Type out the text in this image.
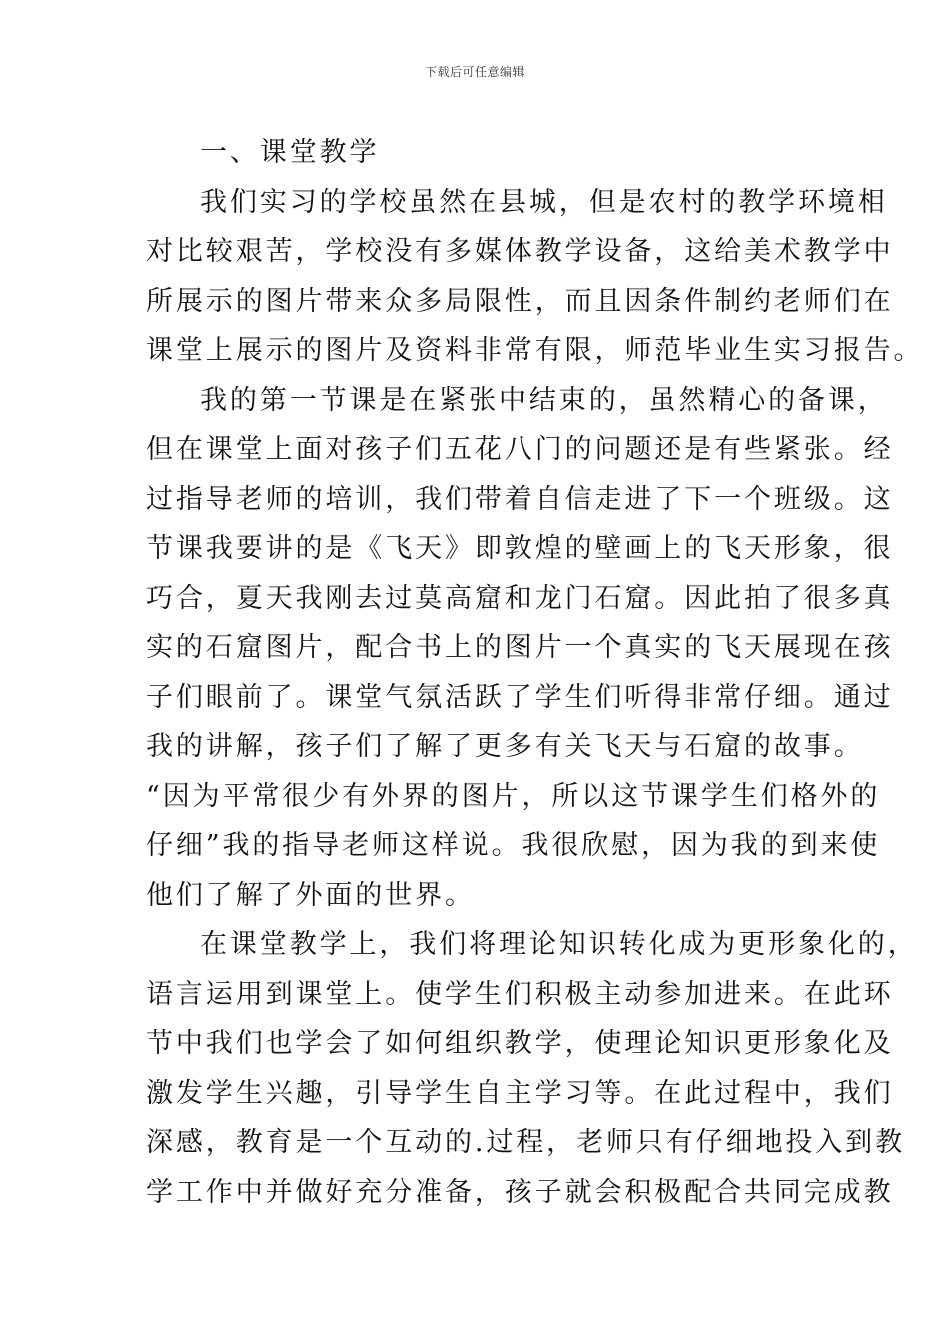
下载后可任意编辑
一、课堂教学
我们实习的学校虽然在县城，但是农村的教学环境相
对比较艰苦，学校没有多媒体教学设备，这给美术教学中
所展示的图片带来众多局限性，而且因条件制约老师们在
课堂上展示的图片及资料非常有限，师范毕业生实习报告。
我的第一节课是在紧张中结束的，虽然精心的备课，
但在课堂上面对孩子们五花八门的问题还是有些紧张。经
过指导老师的培训，我们带着自信走进了下一个班级。这
节课我要讲的是《飞天》即敦煌的壁画上的飞天形象，很
巧合，夏天我刚去过莫高窟和龙门石窟。因此拍了很多真
实的石窟图片，配合书上的图片一个真实的飞天展现在孩
子们眼前了。课堂气氛活跃了学生们听得非常仔细。通过
我的讲解，孩子们了解了更多有关飞天与石窟的故事。
“因为平常很少有外界的图片，所以这节课学生们格外的
仔细”我的指导老师这样说。我很欣慰，因为我的到来使
他们了解了外面的世界。
在课堂教学上，我们将理论知识转化成为更形象化的，
语言运用到课堂上。使学生们积极主动参加进来。在此环
节中我们也学会了如何组织教学，使理论知识更形象化及
激发学生兴趣，引导学生自主学习等。在此过程中，我们
深感，教育是一个互动的.过程，老师只有仔细地投入到教
学工作中并做好充分准备，孩子就会积极配合共同完成教
